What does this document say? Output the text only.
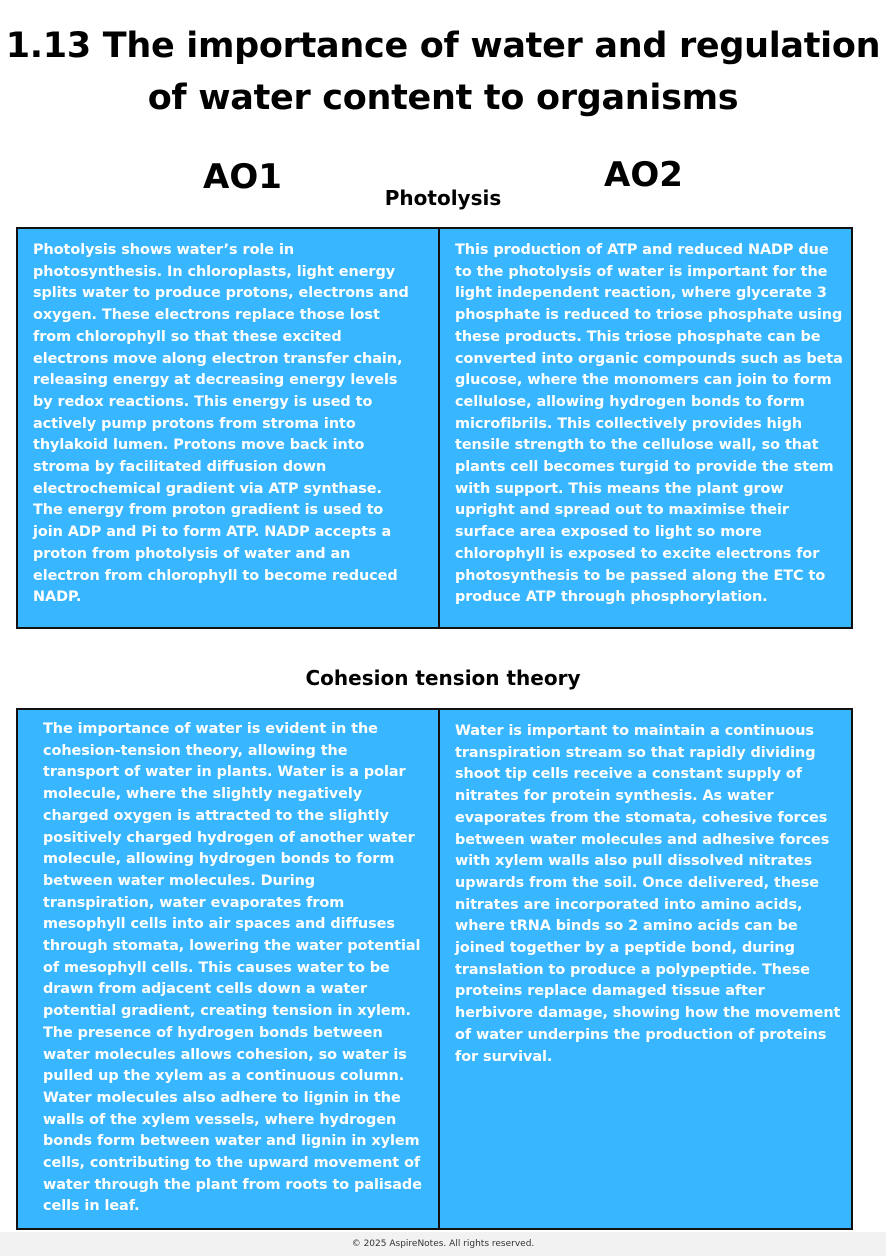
1.13 The importance of water and regulation
of water content to organisms
AO1	AO2
Photolysis
Photolysis shows water’s role in photosynthesis. In chloroplasts, light energy splits water to produce protons, electrons and oxygen. These electrons replace those lost from chlorophyll so that these excited electrons move along electron transfer chain, releasing energy at decreasing energy levels by redox reactions. This energy is used to actively pump protons from stroma into thylakoid lumen. Protons move back into stroma by facilitated diffusion down electrochemical gradient via ATP synthase. The energy from proton gradient is used to join ADP and Pi to form ATP. NADP accepts a proton from photolysis of water and an electron from chlorophyll to become reduced NADP.
This production of ATP and reduced NADP due to the photolysis of water is important for the light independent reaction, where glycerate 3 phosphate is reduced to triose phosphate using these products. This triose phosphate can be converted into organic compounds such as beta glucose, where the monomers can join to form cellulose, allowing hydrogen bonds to form microfibrils. This collectively provides high tensile strength to the cellulose wall, so that plants cell becomes turgid to provide the stem with support. This means the plant grow upright and spread out to maximise their surface area exposed to light so more chlorophyll is exposed to excite electrons for photosynthesis to be passed along the ETC to produce ATP through phosphorylation.
Cohesion tension theory
The importance of water is evident in the cohesion-tension theory, allowing the transport of water in plants. Water is a polar molecule, where the slightly negatively charged oxygen is attracted to the slightly positively charged hydrogen of another water molecule, allowing hydrogen bonds to form between water molecules. During transpiration, water evaporates from mesophyll cells into air spaces and diffuses through stomata, lowering the water potential of mesophyll cells. This causes water to be drawn from adjacent cells down a water potential gradient, creating tension in xylem. The presence of hydrogen bonds between water molecules allows cohesion, so water is pulled up the xylem as a continuous column. Water molecules also adhere to lignin in the walls of the xylem vessels, where hydrogen bonds form between water and lignin in xylem cells, contributing to the upward movement of water through the plant from roots to palisade cells in leaf.
Water is important to maintain a continuous transpiration stream so that rapidly dividing shoot tip cells receive a constant supply of nitrates for protein synthesis. As water evaporates from the stomata, cohesive forces between water molecules and adhesive forces with xylem walls also pull dissolved nitrates upwards from the soil. Once delivered, these nitrates are incorporated into amino acids, where tRNA binds so 2 amino acids can be joined together by a peptide bond, during translation to produce a polypeptide. These proteins replace damaged tissue after herbivore damage, showing how the movement of water underpins the production of proteins for survival.
© 2025 AspireNotes. All rights reserved.
